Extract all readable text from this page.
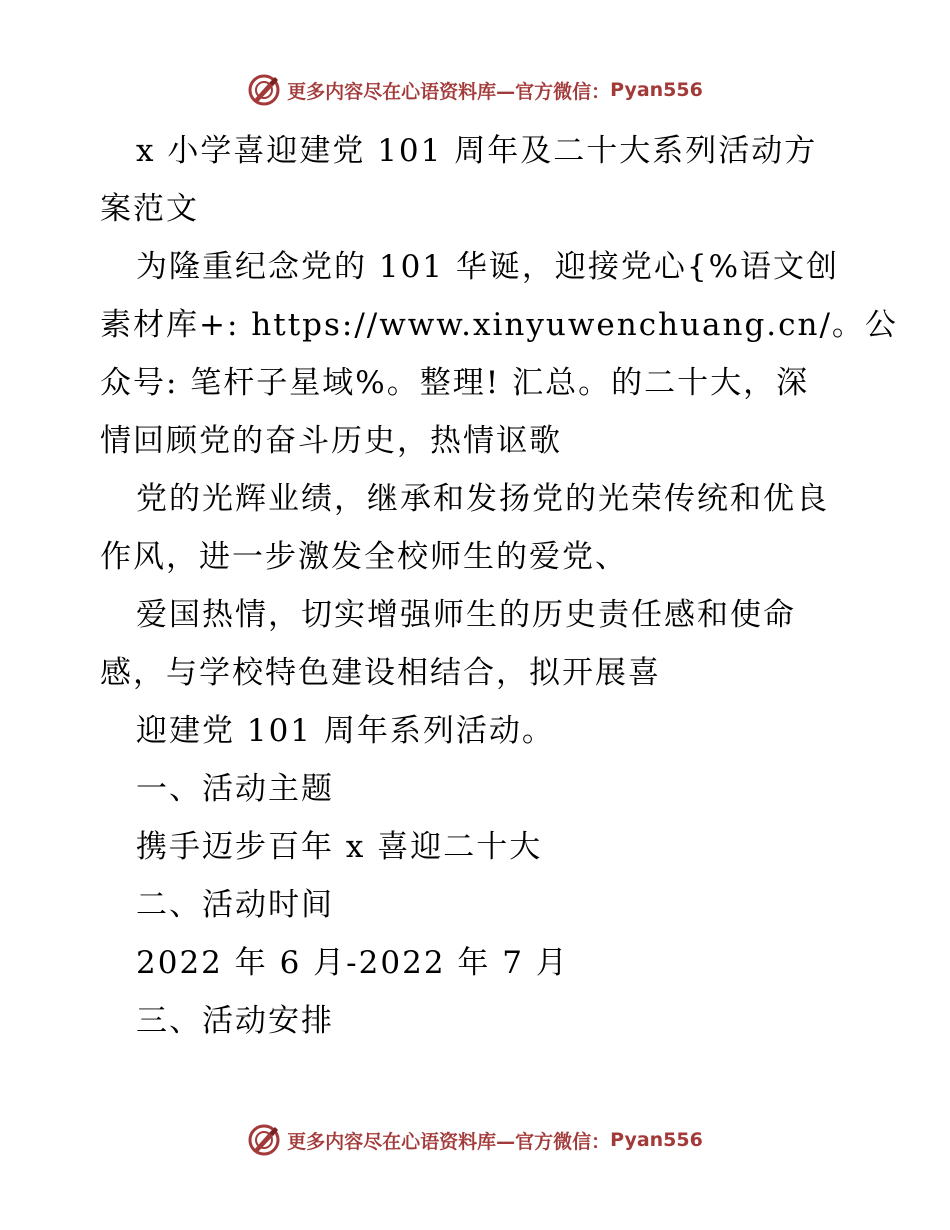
更多内容尽在心语资料库—官方微信： Pyan556
x 小学喜迎建党 101 周年及二十大系列活动方
案范文
为隆重纪念党的 101 华诞，迎接党心{%语文创
素材库+: https://www.xinyuwenchuang.cn/。公
众号: 笔杆子星域%。整理! 汇总。的二十大，深
情回顾党的奋斗历史，热情讴歌
党的光辉业绩，继承和发扬党的光荣传统和优良
作风，进一步激发全校师生的爱党、
爱国热情，切实增强师生的历史责任感和使命
感，与学校特色建设相结合，拟开展喜
迎建党 101 周年系列活动。
一、活动主题
携手迈步百年 x 喜迎二十大
二、活动时间
2022 年 6 月-2022 年 7 月
三、活动安排
更多内容尽在心语资料库—官方微信： Pyan556
